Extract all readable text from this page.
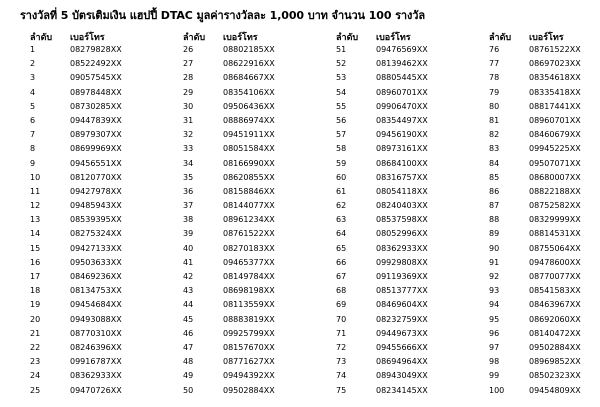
รางวัลที่ 5 บัตรเติมเงิน แฮปปี้ DTAC มูลค่ารางวัลละ 1,000 บาท จำนวน 100 รางวัล
ลำดับ เบอร์โทร
1	08279828XX
2	08522492XX
3	09057545XX
4	08978448XX
5	08730285XX
6	09447839XX
7	08979307XX
8	08699969XX
9	09456551XX
10	08120770XX
11	09427978XX
12	09485943XX
13	08539395XX
14	08275324XX
15	09427133XX
16	09503633XX
17	08469236XX
18	08134753XX
19	09454684XX
20	09493088XX
21	08770310XX
22	08246396XX
23	09916787XX
24	08362933XX
25	09470726XX
ลำดับ เบอร์โทร
26	08802185XX
27	08622916XX
28	08684667XX
29	08354106XX
30	09506436XX
31	08886974XX
32	09451911XX
33	08051584XX
34	08166990XX
35	08620855XX
36	08158846XX
37	08144077XX
38	08961234XX
39	08761522XX
40	08270183XX
41	09465377XX
42	08149784XX
43	08698198XX
44	08113559XX
45	08883819XX
46	09925799XX
47	08157670XX
48	08771627XX
49	09494392XX
50	09502884XX
ลำดับ เบอร์โทร
51	09476569XX
52	08139462XX
53	08805445XX
54	08960701XX
55	09906470XX
56	08354497XX
57	09456190XX
58	08973161XX
59	08684100XX
60	08316757XX
61	08054118XX
62	08240403XX
63	08537598XX
64	08052996XX
65	08362933XX
66	09929808XX
67	09119369XX
68	08513777XX
69	08469604XX
70	08232759XX
71	09449673XX
72	09455666XX
73	08694964XX
74	08943049XX
75	08234145XX
ลำดับ เบอร์โทร
76	08761522XX
77	08697023XX
78	08354618XX
79	08335418XX
80	08817441XX
81	08960701XX
82	08460679XX
83	09945225XX
84	09507071XX
85	08680007XX
86	08822188XX
87	08752582XX
88	08329999XX
89	08814531XX
90	08755064XX
91	09478600XX
92	08770077XX
93	08541583XX
94	08463967XX
95	08692060XX
96	08140472XX
97	09502884XX
98	08969852XX
99	08502323XX
100	09454809XX
